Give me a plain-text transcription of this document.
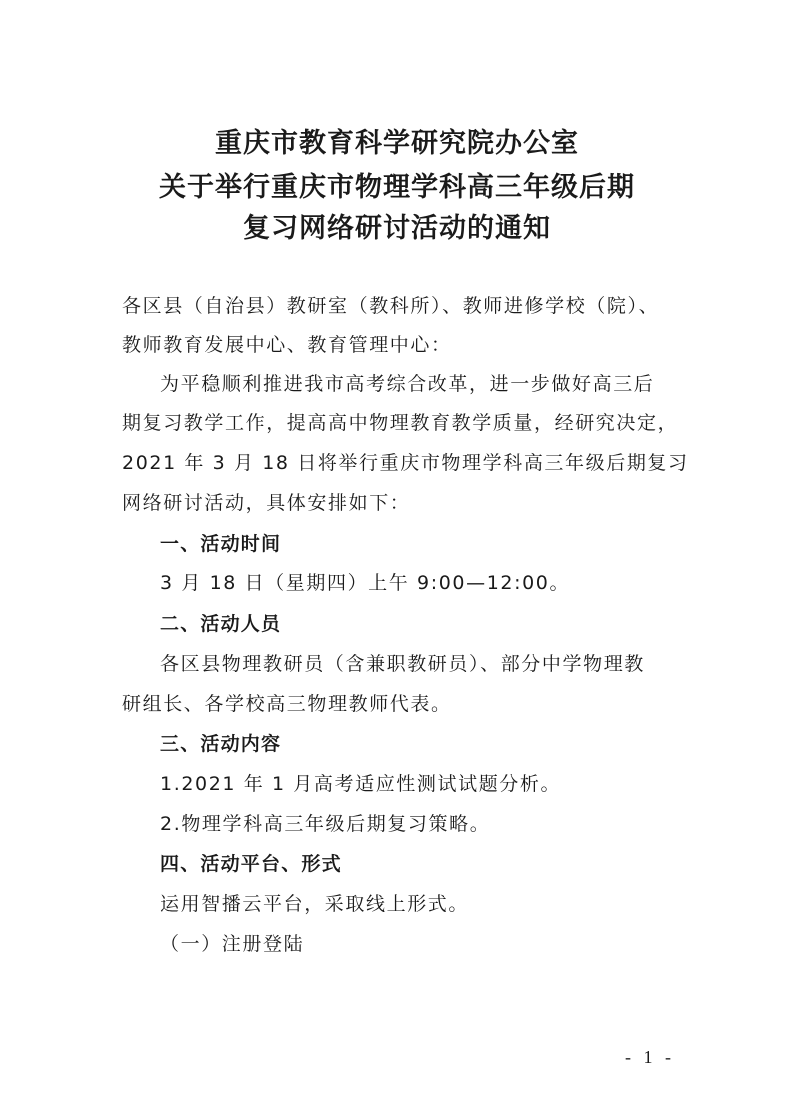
重庆市教育科学研究院办公室
关于举行重庆市物理学科高三年级后期
复习网络研讨活动的通知
各区县（自治县）教研室（教科所）、教师进修学校（院）、
教师教育发展中心、教育管理中心：
为平稳顺利推进我市高考综合改革，进一步做好高三后
期复习教学工作，提高高中物理教育教学质量，经研究决定，
2021 年 3 月 18 日将举行重庆市物理学科高三年级后期复习
网络研讨活动，具体安排如下：
一、活动时间
3 月 18 日（星期四）上午 9:00—12:00。
二、活动人员
各区县物理教研员（含兼职教研员）、部分中学物理教
研组长、各学校高三物理教师代表。
三、活动内容
1.2021 年 1 月高考适应性测试试题分析。
2.物理学科高三年级后期复习策略。
四、活动平台、形式
运用智播云平台，采取线上形式。
（一）注册登陆
- 1 -
